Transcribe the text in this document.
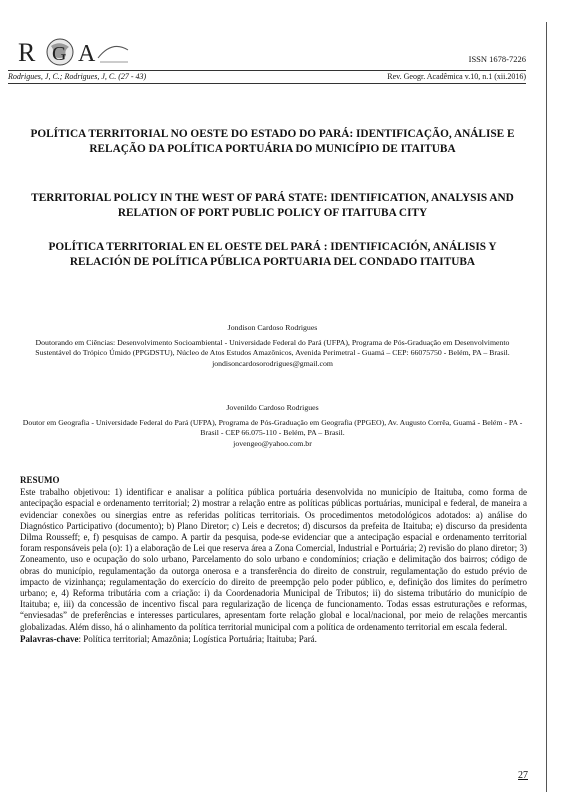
R G A	ISSN 1678-7226
Rodrigues, J, C.; Rodrigues, J, C. (27 - 43)	Rev. Geogr. Acadêmica v.10, n.1 (xii.2016)
POLÍTICA TERRITORIAL NO OESTE DO ESTADO DO PARÁ: IDENTIFICAÇÃO, ANÁLISE E RELAÇÃO DA POLÍTICA PORTUÁRIA DO MUNICÍPIO DE ITAITUBA
TERRITORIAL POLICY IN THE WEST OF PARÁ STATE: IDENTIFICATION, ANALYSIS AND RELATION OF PORT PUBLIC POLICY OF ITAITUBA CITY
POLÍTICA TERRITORIAL EN EL OESTE DEL PARÁ : IDENTIFICACIÓN, ANÁLISIS Y RELACIÓN DE POLÍTICA PÚBLICA PORTUARIA DEL CONDADO ITAITUBA
Jondison Cardoso Rodrigues
Doutorando em Ciências: Desenvolvimento Socioambiental - Universidade Federal do Pará (UFPA), Programa de Pós-Graduação em Desenvolvimento Sustentável do Trópico Úmido (PPGDSTU), Núcleo de Atos Estudos Amazônicos, Avenida Perimetral - Guamá – CEP: 66075750 - Belém, PA – Brasil.
jondisoncardosorodrigues@gmail.com
Jovenildo Cardoso Rodrigues
Doutor em Geografia - Universidade Federal do Pará (UFPA), Programa de Pós-Graduação em Geografia (PPGEO), Av. Augusto Corrêa, Guamá - Belém - PA - Brasil - CEP 66.075-110 - Belém, PA – Brasil.
jovengeo@yahoo.com.br
RESUMO
Este trabalho objetivou: 1) identificar e analisar a política pública portuária desenvolvida no município de Itaituba, como forma de antecipação espacial e ordenamento territorial; 2) mostrar a relação entre as políticas públicas portuárias, municipal e federal, de maneira a evidenciar conexões ou sinergias entre as referidas políticas territoriais. Os procedimentos metodológicos adotados: a) análise do Diagnóstico Participativo (documento); b) Plano Diretor; c) Leis e decretos; d) discursos da prefeita de Itaituba; e) discurso da presidenta Dilma Rousseff; e, f) pesquisas de campo. A partir da pesquisa, pode-se evidenciar que a antecipação espacial e ordenamento territorial foram responsáveis pela (o): 1) a elaboração de Lei que reserva área a Zona Comercial, Industrial e Portuária; 2) revisão do plano diretor; 3) Zoneamento, uso e ocupação do solo urbano, Parcelamento do solo urbano e condomínios; criação e delimitação dos bairros; código de obras do município, regulamentação da outorga onerosa e a transferência do direito de construir, regulamentação do estudo prévio de impacto de vizinhança; regulamentação do exercício do direito de preempção pelo poder público, e, definição dos limites do perímetro urbano; e, 4) Reforma tributária com a criação: i) da Coordenadoria Municipal de Tributos; ii) do sistema tributário do município de Itaituba; e, iii) da concessão de incentivo fiscal para regularização de licença de funcionamento. Todas essas estruturações e reformas, “enviesadas” de preferências e interesses particulares, apresentam forte relação global e local/nacional, por meio de relações mercantis globalizadas. Além disso, há o alinhamento da política territorial municipal com a política de ordenamento territorial em escala federal.
Palavras-chave: Política territorial; Amazônia; Logística Portuária; Itaituba; Pará.
27
